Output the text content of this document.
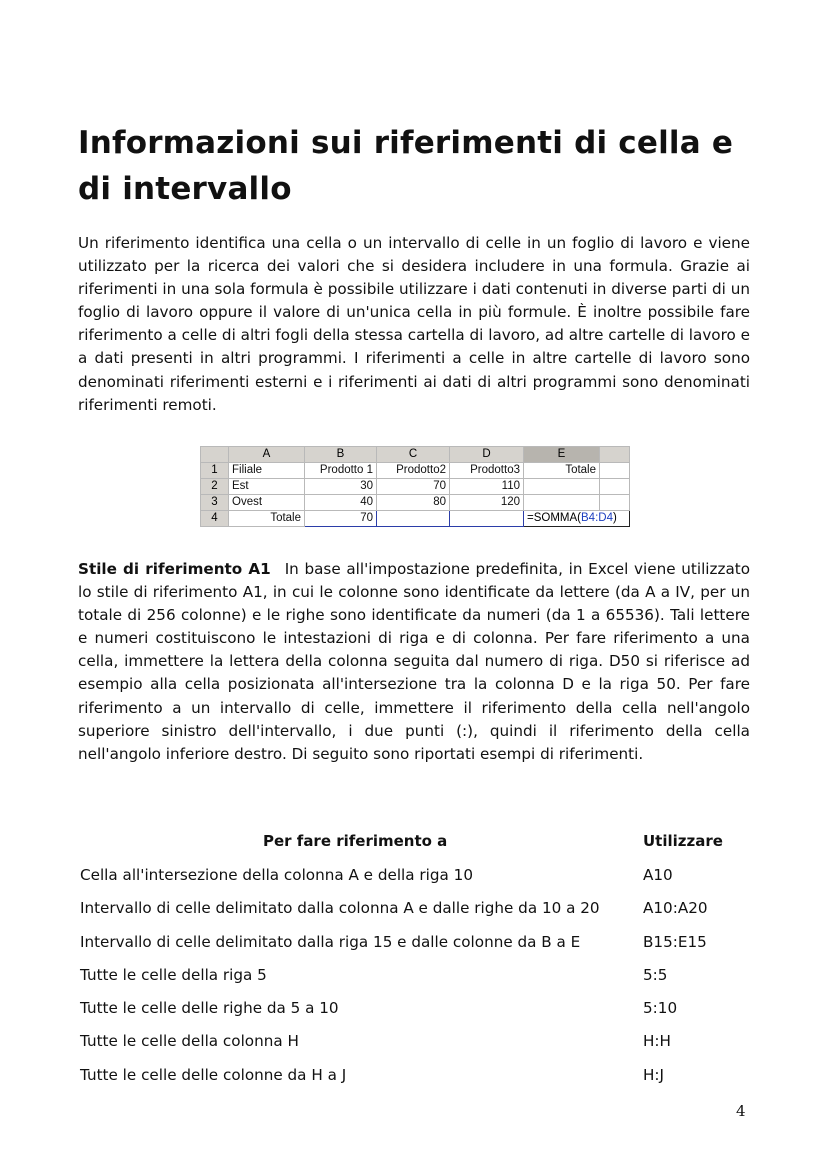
Informazioni sui riferimenti di cella e di intervallo

Un riferimento identifica una cella o un intervallo di celle in un foglio di lavoro e viene utilizzato per la ricerca dei valori che si desidera includere in una formula. Grazie ai riferimenti in una sola formula è possibile utilizzare i dati contenuti in diverse parti di un foglio di lavoro oppure il valore di un'unica cella in più formule. È inoltre possibile fare riferimento a celle di altri fogli della stessa cartella di lavoro, ad altre cartelle di lavoro e a dati presenti in altri programmi. I riferimenti a celle in altre cartelle di lavoro sono denominati riferimenti esterni e i riferimenti ai dati di altri programmi sono denominati riferimenti remoti.

	A	B	C	D	E	
1	Filiale	Prodotto 1	Prodotto2	Prodotto3	Totale	
2	Est	30	70	110		
3	Ovest	40	80	120		
4	Totale	70			=SOMMA(B4:D4)	

Stile di riferimento A1 In base all'impostazione predefinita, in Excel viene utilizzato lo stile di riferimento A1, in cui le colonne sono identificate da lettere (da A a IV, per un totale di 256 colonne) e le righe sono identificate da numeri (da 1 a 65536). Tali lettere e numeri costituiscono le intestazioni di riga e di colonna. Per fare riferimento a una cella, immettere la lettera della colonna seguita dal numero di riga. D50 si riferisce ad esempio alla cella posizionata all'intersezione tra la colonna D e la riga 50. Per fare riferimento a un intervallo di celle, immettere il riferimento della cella nell'angolo superiore sinistro dell'intervallo, i due punti (:), quindi il riferimento della cella nell'angolo inferiore destro. Di seguito sono riportati esempi di riferimenti.

Per fare riferimento a	Utilizzare
Cella all'intersezione della colonna A e della riga 10	A10
Intervallo di celle delimitato dalla colonna A e dalle righe da 10 a 20	A10:A20
Intervallo di celle delimitato dalla riga 15 e dalle colonne da B a E	B15:E15
Tutte le celle della riga 5	5:5
Tutte le celle delle righe da 5 a 10	5:10
Tutte le celle della colonna H	H:H
Tutte le celle delle colonne da H a J	H:J
4
